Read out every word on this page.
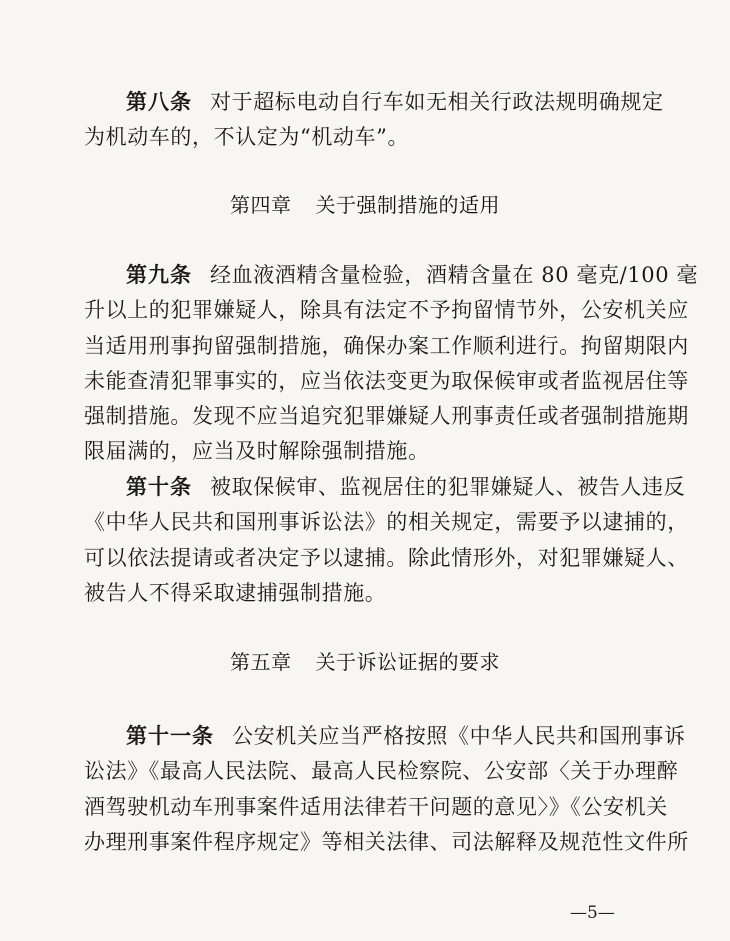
第八条 对于超标电动自行车如无相关行政法规明确规定
为机动车的，不认定为“机动车”。
第四章 关于强制措施的适用
第九条 经血液酒精含量检验，酒精含量在 80 毫克/100 毫
升以上的犯罪嫌疑人，除具有法定不予拘留情节外，公安机关应
当适用刑事拘留强制措施，确保办案工作顺利进行。拘留期限内
未能查清犯罪事实的，应当依法变更为取保候审或者监视居住等
强制措施。发现不应当追究犯罪嫌疑人刑事责任或者强制措施期
限届满的，应当及时解除强制措施。
第十条 被取保候审、监视居住的犯罪嫌疑人、被告人违反
《中华人民共和国刑事诉讼法》的相关规定，需要予以逮捕的，
可以依法提请或者决定予以逮捕。除此情形外，对犯罪嫌疑人、
被告人不得采取逮捕强制措施。
第五章 关于诉讼证据的要求
第十一条 公安机关应当严格按照《中华人民共和国刑事诉
讼法》《最高人民法院、最高人民检察院、公安部〈关于办理醉
酒驾驶机动车刑事案件适用法律若干问题的意见〉》《公安机关
办理刑事案件程序规定》等相关法律、司法解释及规范性文件所
—5—
